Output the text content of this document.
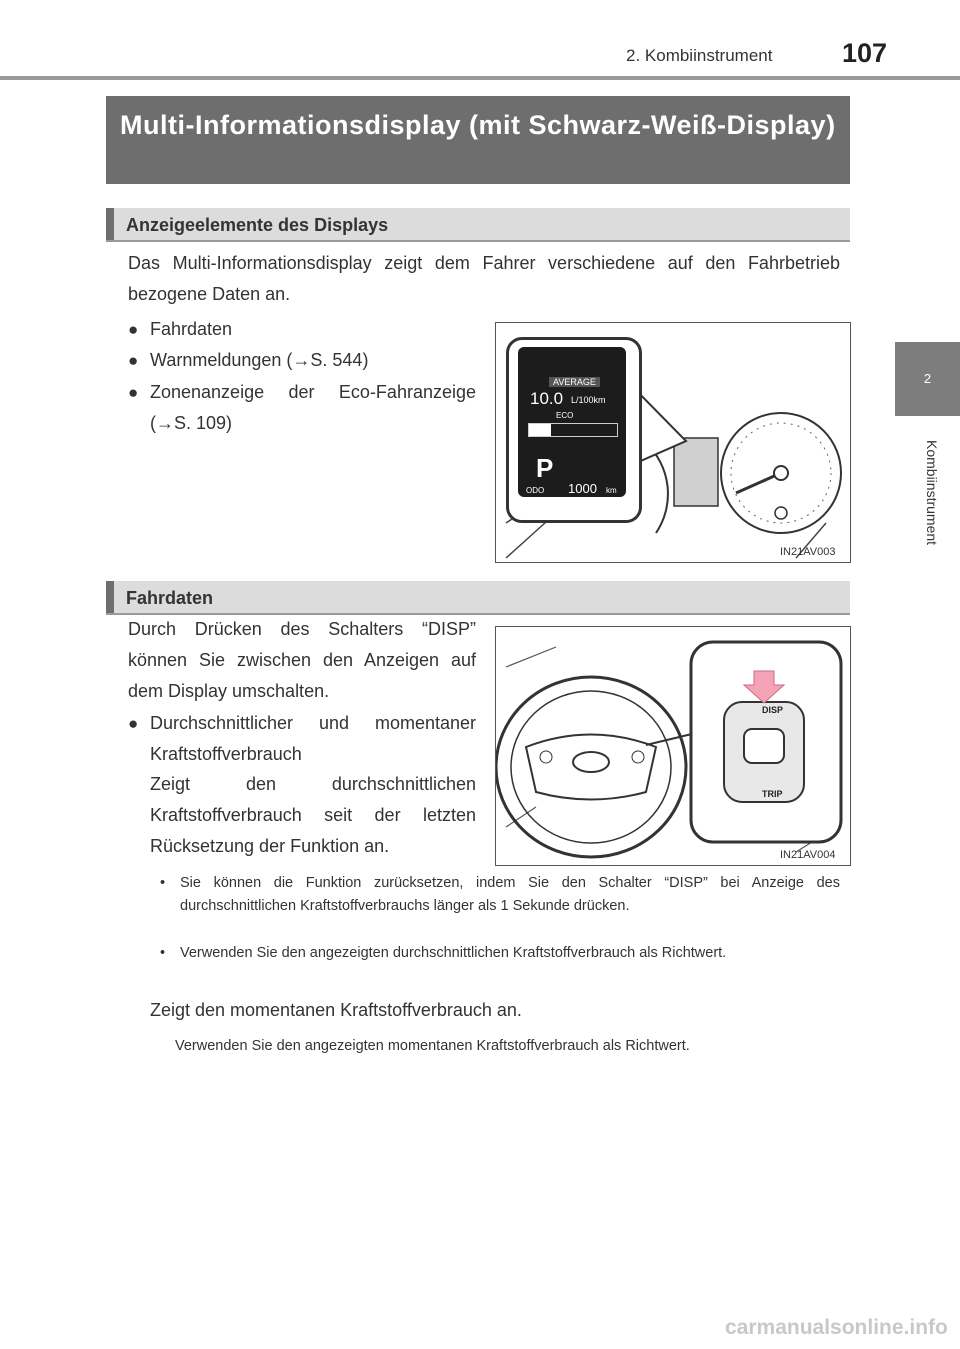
2. Kombiinstrument	107
2
Kombiinstrument
Multi-Informationsdisplay (mit Schwarz-Weiß-Display)
Anzeigeelemente des Displays
Das Multi-Informationsdisplay zeigt dem Fahrer verschiedene auf den Fahrbetrieb bezogene Daten an.
● Fahrdaten
● Warnmeldungen (→S. 544)
● Zonenanzeige der Eco-Fahranzeige (→S. 109)
AVERAGE
10.0 L/100km
ECO
P
ODO 1000 km
IN21AV003
Fahrdaten
Durch Drücken des Schalters “DISP” können Sie zwischen den Anzeigen auf dem Display umschalten.
● Durchschnittlicher und momentaner Kraftstoffverbrauch
Zeigt den durchschnittlichen Kraftstoffverbrauch seit der letzten Rücksetzung der Funktion an.
DISP
TRIP
IN21AV004
• Sie können die Funktion zurücksetzen, indem Sie den Schalter “DISP” bei Anzeige des durchschnittlichen Kraftstoffverbrauchs länger als 1 Sekunde drücken.
• Verwenden Sie den angezeigten durchschnittlichen Kraftstoffverbrauch als Richtwert.
Zeigt den momentanen Kraftstoffverbrauch an.
Verwenden Sie den angezeigten momentanen Kraftstoffverbrauch als Richtwert.
carmanualsonline.info
